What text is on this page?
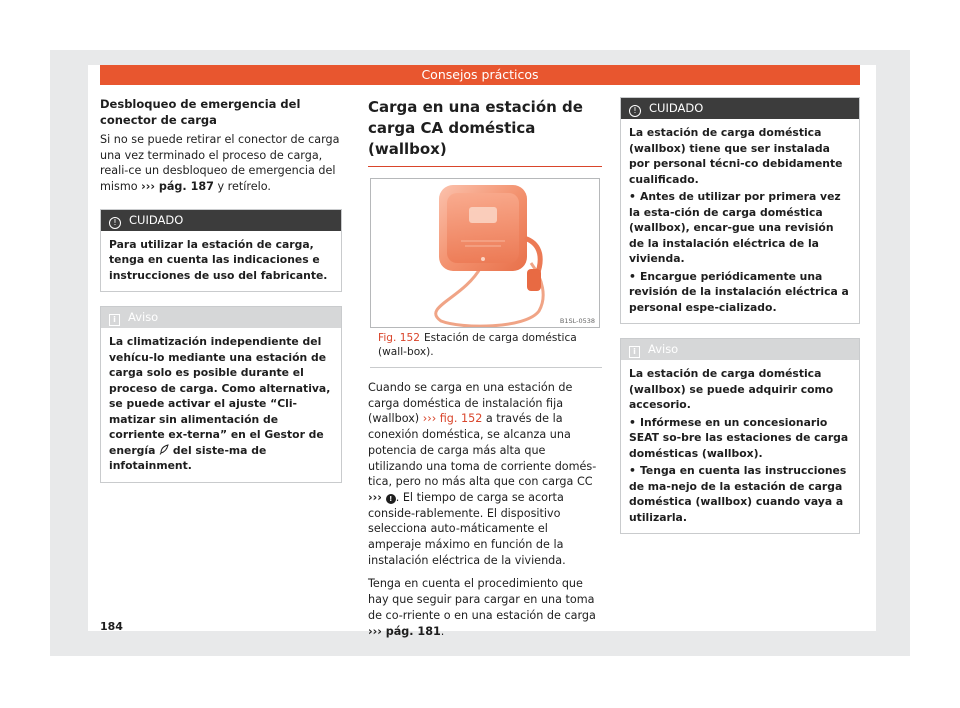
Consejos prácticos
Desbloqueo de emergencia del conector de carga
Si no se puede retirar el conector de carga una vez terminado el proceso de carga, reali-ce un desbloqueo de emergencia del mismo ››› pág. 187 y retírelo.
! CUIDADO
Para utilizar la estación de carga, tenga en cuenta las indicaciones e instrucciones de uso del fabricante.
i Aviso
La climatización independiente del vehícu-lo mediante una estación de carga solo es posible durante el proceso de carga. Como alternativa, se puede activar el ajuste “Cli-matizar sin alimentación de corriente ex-terna” en el Gestor de energía  del siste-ma de infotainment.
Carga en una estación de carga CA doméstica (wallbox)
B1SL-0538
Fig. 152 Estación de carga doméstica (wall-box).
Cuando se carga en una estación de carga doméstica de instalación fija (wallbox) ››› fig. 152 a través de la conexión doméstica, se alcanza una potencia de carga más alta que utilizando una toma de corriente domés-tica, pero no más alta que con carga CC ››› ! . El tiempo de carga se acorta conside-rablemente. El dispositivo selecciona auto-máticamente el amperaje máximo en función de la instalación eléctrica de la vivienda.
Tenga en cuenta el procedimiento que hay que seguir para cargar en una toma de co-rriente o en una estación de carga ››› pág. 181.
! CUIDADO
La estación de carga doméstica (wallbox) tiene que ser instalada por personal técni-co debidamente cualificado.
• Antes de utilizar por primera vez la esta-ción de carga doméstica (wallbox), encar-gue una revisión de la instalación eléctrica de la vivienda.
• Encargue periódicamente una revisión de la instalación eléctrica a personal espe-cializado.
i Aviso
La estación de carga doméstica (wallbox) se puede adquirir como accesorio.
• Infórmese en un concesionario SEAT so-bre las estaciones de carga domésticas (wallbox).
• Tenga en cuenta las instrucciones de ma-nejo de la estación de carga doméstica (wallbox) cuando vaya a utilizarla.
184
